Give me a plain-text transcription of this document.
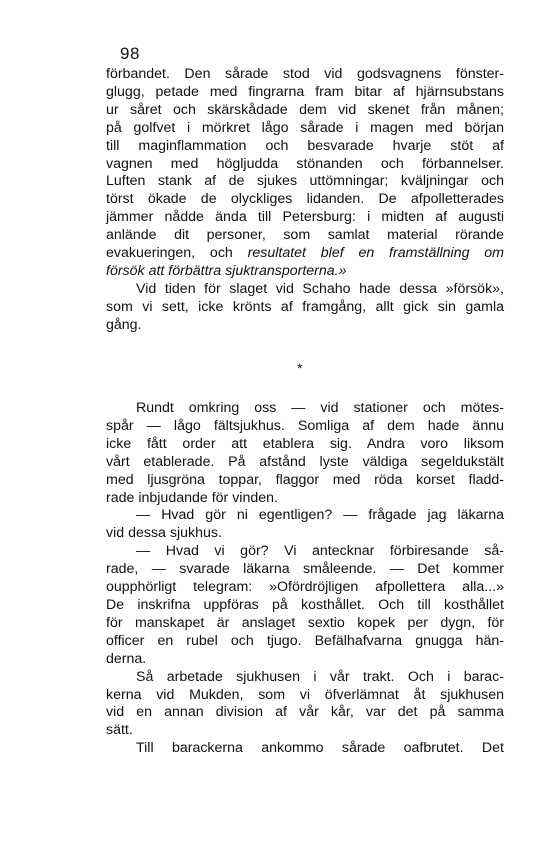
98
förbandet. Den sårade stod vid godsvagnens fönster-
glugg, petade med fingrarna fram bitar af hjärnsubstans
ur såret och skärskådade dem vid skenet från månen;
på golfvet i mörkret lågo sårade i magen med början
till maginflammation och besvarade hvarje stöt af
vagnen med högljudda stönanden och förbannelser.
Luften stank af de sjukes uttömningar; kväljningar och
törst ökade de olyckliges lidanden. De afpolletterades
jämmer nådde ända till Petersburg: i midten af augusti
anlände dit personer, som samlat material rörande
evakueringen, och resultatet blef en framställning om
försök att förbättra sjuktransporterna.»
Vid tiden för slaget vid Schaho hade dessa »försök»,
som vi sett, icke krönts af framgång, allt gick sin gamla
gång.
*
Rundt omkring oss — vid stationer och mötes-
spår — lågo fältsjukhus. Somliga af dem hade ännu
icke fått order att etablera sig. Andra voro liksom
vårt etablerade. På afstånd lyste väldiga segeldukstält
med ljusgröna toppar, flaggor med röda korset fladd-
rade inbjudande för vinden.
— Hvad gör ni egentligen? — frågade jag läkarna
vid dessa sjukhus.
— Hvad vi gör? Vi antecknar förbiresande så-
rade, — svarade läkarna småleende. — Det kommer
oupphörligt telegram: »Ofördröjligen afpollettera alla...»
De inskrifna uppföras på kosthållet. Och till kosthållet
för manskapet är anslaget sextio kopek per dygn, för
officer en rubel och tjugo. Befälhafvarna gnugga hän-
derna.
Så arbetade sjukhusen i vår trakt. Och i barac-
kerna vid Mukden, som vi öfverlämnat åt sjukhusen
vid en annan division af vår kår, var det på samma
sätt.
Till barackerna ankommo sårade oafbrutet. Det
